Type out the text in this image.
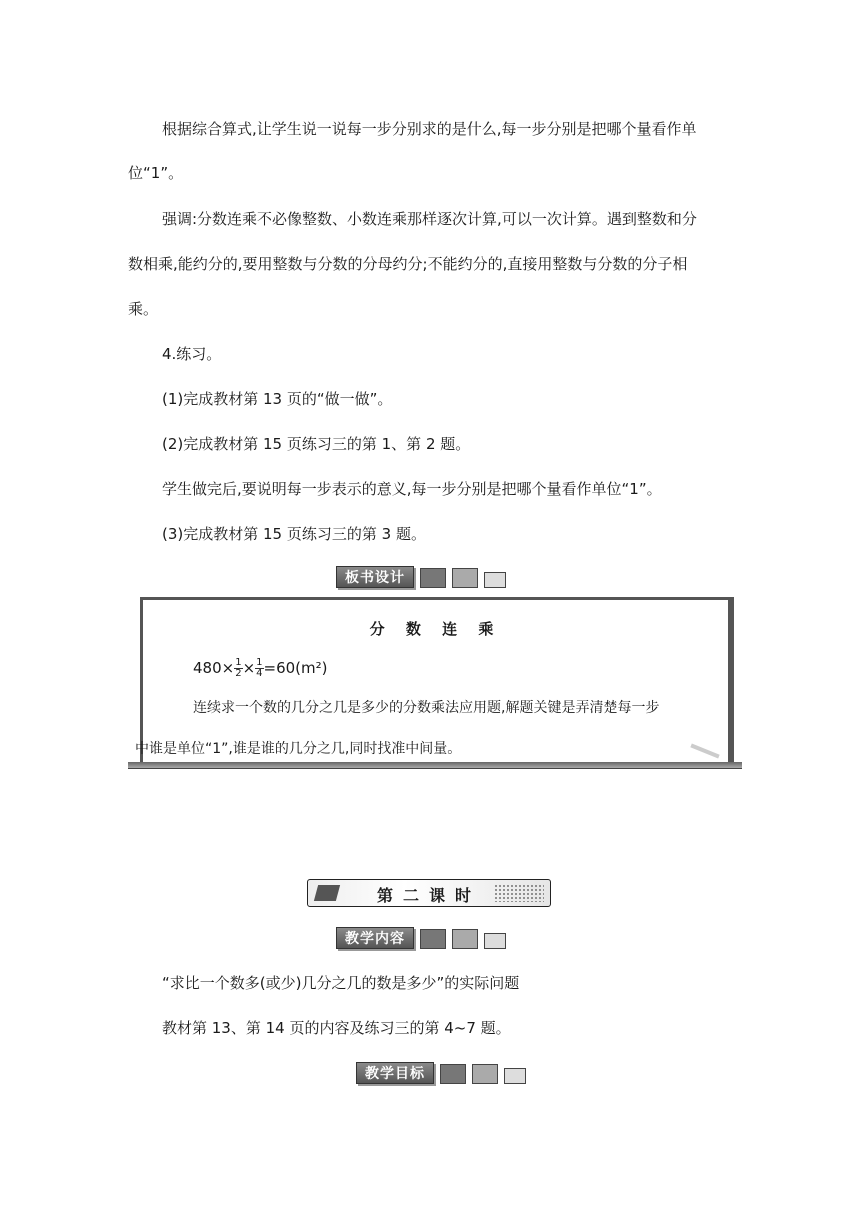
根据综合算式,让学生说一说每一步分别求的是什么,每一步分别是把哪个量看作单
位“1”。
强调:分数连乘不必像整数、小数连乘那样逐次计算,可以一次计算。遇到整数和分
数相乘,能约分的,要用整数与分数的分母约分;不能约分的,直接用整数与分数的分子相
乘。
4.练习。
(1)完成教材第 13 页的“做一做”。
(2)完成教材第 15 页练习三的第 1、第 2 题。
学生做完后,要说明每一步表示的意义,每一步分别是把哪个量看作单位“1”。
(3)完成教材第 15 页练习三的第 3 题。
板书设计
分 数 连 乘
$480\times \frac{1}{2} \times \frac{1}{4} =60(m^2)$
连续求一个数的几分之几是多少的分数乘法应用题,解题关键是弄清楚每一步
中谁是单位“1”,谁是谁的几分之几,同时找准中间量。
第二课时
教学内容
“求比一个数多(或少)几分之几的数是多少”的实际问题
教材第 13、第 14 页的内容及练习三的第 4~7 题。
教学目标
